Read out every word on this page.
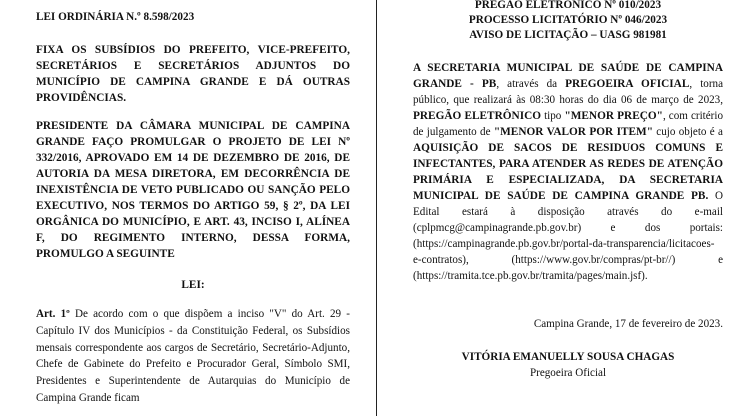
LEI ORDINÁRIA N.º 8.598/2023

FIXA OS SUBSÍDIOS DO PREFEITO, VICE-PREFEITO, SECRETÁRIOS E SECRETÁRIOS ADJUNTOS DO MUNICÍPIO DE CAMPINA GRANDE E DÁ OUTRAS PROVIDÊNCIAS.

PRESIDENTE DA CÂMARA MUNICIPAL DE CAMPINA GRANDE FAÇO PROMULGAR O PROJETO DE LEI Nº 332/2016, APROVADO EM 14 DE DEZEMBRO DE 2016, DE AUTORIA DA MESA DIRETORA, EM DECORRÊNCIA DE INEXISTÊNCIA DE VETO PUBLICADO OU SANÇÃO PELO EXECUTIVO, NOS TERMOS DO ARTIGO 59, § 2º, DA LEI ORGÂNICA DO MUNICÍPIO, E ART. 43, INCISO I, ALÍNEA F, DO REGIMENTO INTERNO, DESSA FORMA, PROMULGO A SEGUINTE

LEI:

Art. 1º De acordo com o que dispõem a inciso "V" do Art. 29 - Capítulo IV dos Municípios - da Constituição Federal, os Subsídios mensais correspondente aos cargos de Secretário, Secretário-Adjunto, Chefe de Gabinete do Prefeito e Procurador Geral, Símbolo SMI, Presidentes e Superintendente de Autarquias do Município de Campina Grande ficam

PREGÃO ELETRÔNICO Nº 010/2023

PROCESSO LICITATÓRIO Nº 046/2023

AVISO DE LICITAÇÃO – UASG 981981

A SECRETARIA MUNICIPAL DE SAÚDE DE CAMPINA GRANDE - PB, através da PREGOEIRA OFICIAL, torna público, que realizará às 08:30 horas do dia 06 de março de 2023, PREGÃO ELETRÔNICO tipo "MENOR PREÇO", com critério de julgamento de "MENOR VALOR POR ITEM" cujo objeto é a AQUISIÇÃO DE SACOS DE RESIDUOS COMUNS E INFECTANTES, PARA ATENDER AS REDES DE ATENÇÃO PRIMÁRIA E ESPECIALIZADA, DA SECRETARIA MUNICIPAL DE SAÚDE DE CAMPINA GRANDE PB. O Edital estará à disposição através do e-mail (cplpmcg@campinagrande.pb.gov.br) e dos portais:(https://campinagrande.pb.gov.br/portal-da-transparencia/licitacoes-e-contratos), (https://www.gov.br/compras/pt-br//) e (https://tramita.tce.pb.gov.br/tramita/pages/main.jsf).

Campina Grande, 17 de fevereiro de 2023.

VITÓRIA EMANUELLY SOUSA CHAGAS

Pregoeira Oficial
